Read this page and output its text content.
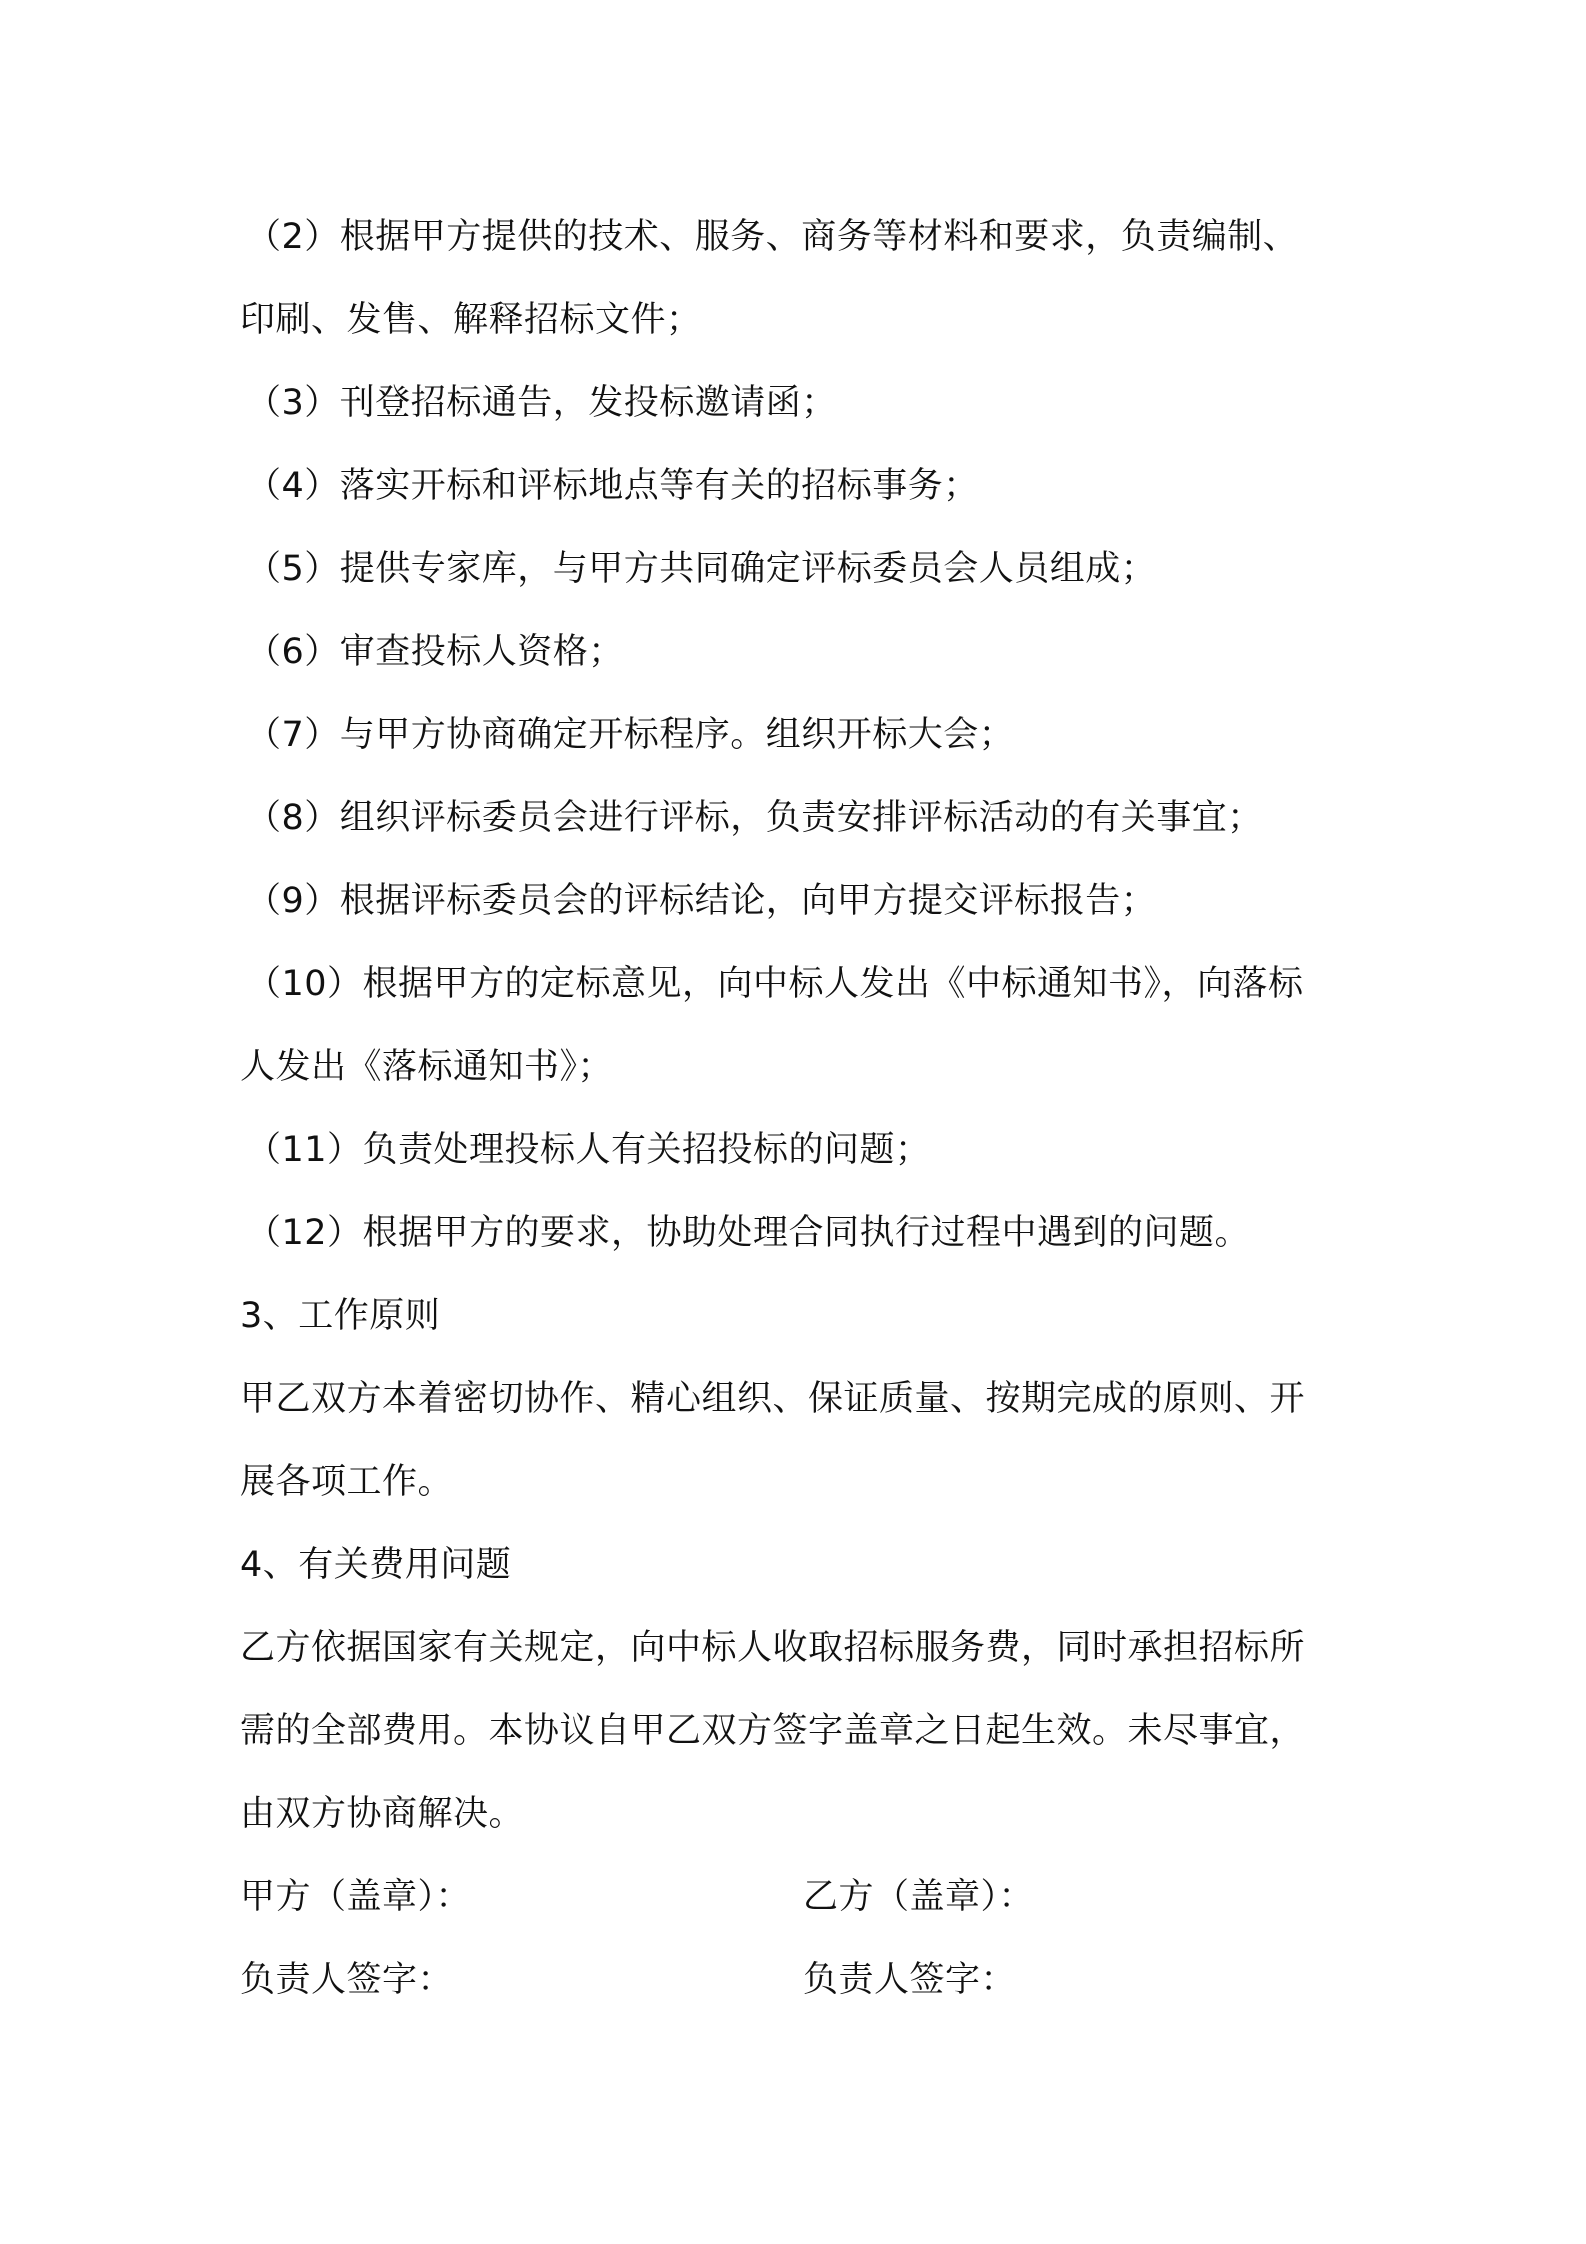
（2）根据甲方提供的技术、服务、商务等材料和要求，负责编制、
印刷、发售、解释招标文件；
（3）刊登招标通告，发投标邀请函；
（4）落实开标和评标地点等有关的招标事务；
（5）提供专家库，与甲方共同确定评标委员会人员组成；
（6）审查投标人资格；
（7）与甲方协商确定开标程序。组织开标大会；
（8）组织评标委员会进行评标，负责安排评标活动的有关事宜；
（9）根据评标委员会的评标结论，向甲方提交评标报告；
（10）根据甲方的定标意见，向中标人发出《中标通知书》，向落标
人发出《落标通知书》；
（11）负责处理投标人有关招投标的问题；
（12）根据甲方的要求，协助处理合同执行过程中遇到的问题。
3、工作原则
甲乙双方本着密切协作、精心组织、保证质量、按期完成的原则、开
展各项工作。
4、有关费用问题
乙方依据国家有关规定，向中标人收取招标服务费，同时承担招标所
需的全部费用。本协议自甲乙双方签字盖章之日起生效。未尽事宜，
由双方协商解决。
甲方（盖章）：	乙方（盖章）：
负责人签字：	负责人签字：
